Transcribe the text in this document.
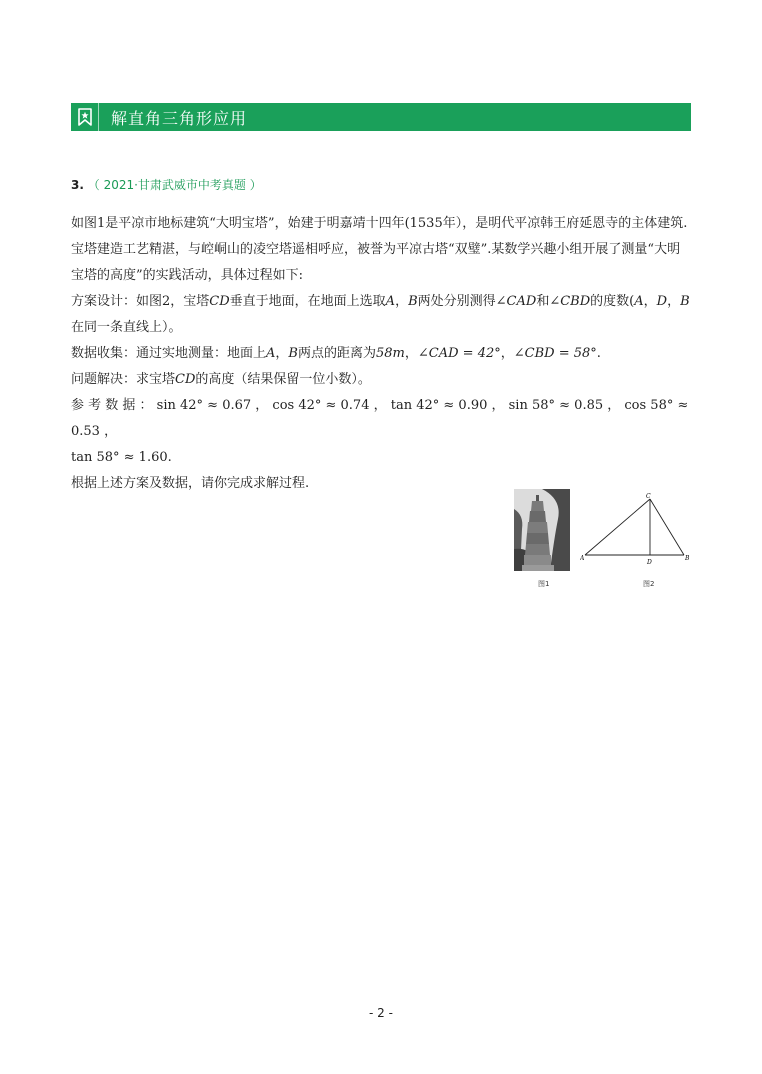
解直角三角形应用
3. （ 2021·甘肃武威市中考真题 ）

如图1是平凉市地标建筑“大明宝塔”，始建于明嘉靖十四年(1535年），是明代平凉韩王府延恩寺的主体建筑.宝塔建造工艺精湛，与崆峒山的凌空塔遥相呼应，被誉为平凉古塔“双璧”.某数学兴趣小组开展了测量“大明宝塔的高度”的实践活动，具体过程如下:

方案设计：如图2，宝塔CD垂直于地面，在地面上选取A，B两处分别测得∠CAD和∠CBD的度数(A，D，B在同一条直线上）。

数据收集：通过实地测量：地面上A，B两点的距离为58m，∠CAD = 42°，∠CBD = 58°.

问题解决：求宝塔CD的高度（结果保留一位小数）。

参 考 数 据 ： sin 42° ≈ 0.67 ， cos 42° ≈ 0.74 ， tan 42° ≈ 0.90 ， sin 58° ≈ 0.85 ， cos 58° ≈ 0.53 ，
tan 58° ≈ 1.60.

根据上述方案及数据，请你完成求解过程.

图1
C
A	B
D
图2
- 2 -
